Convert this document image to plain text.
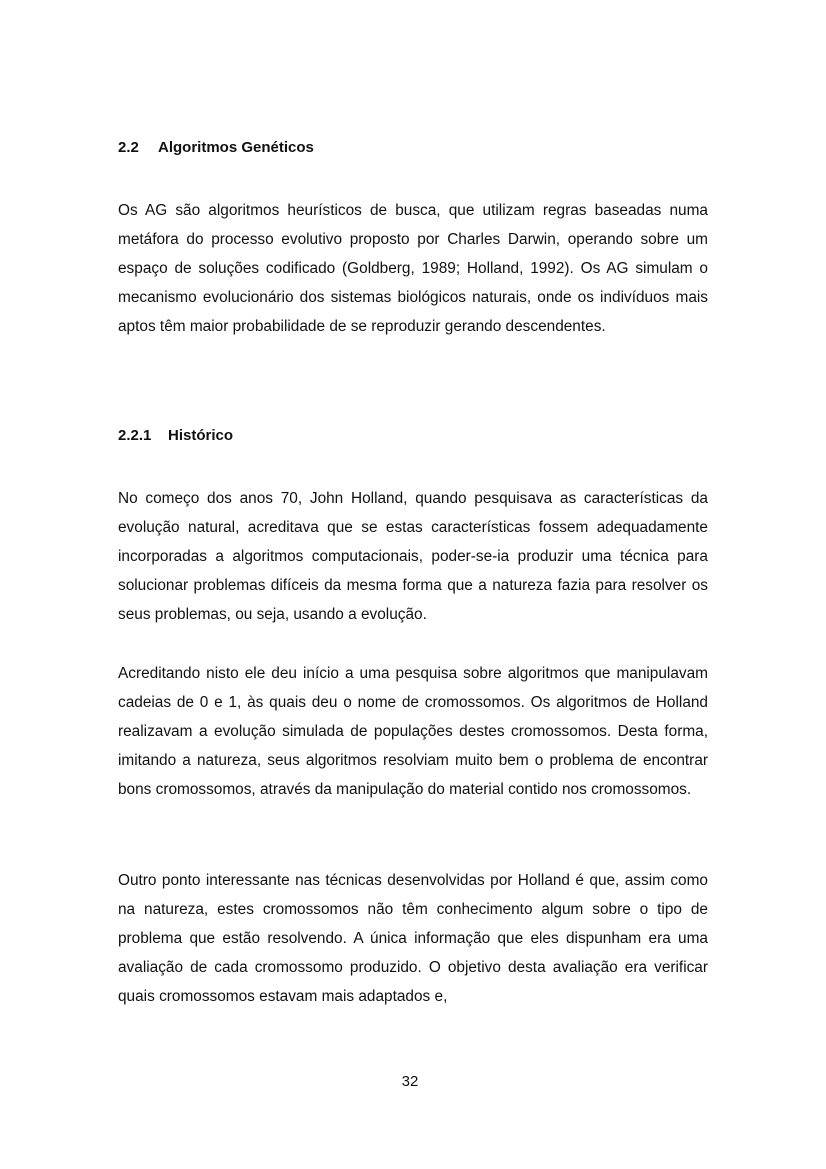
2.2 Algoritmos Genéticos

Os AG são algoritmos heurísticos de busca, que utilizam regras baseadas numa metáfora do processo evolutivo proposto por Charles Darwin, operando sobre um espaço de soluções codificado (Goldberg, 1989; Holland, 1992). Os AG simulam o mecanismo evolucionário dos sistemas biológicos naturais, onde os indivíduos mais aptos têm maior probabilidade de se reproduzir gerando descendentes.

2.2.1 Histórico

No começo dos anos 70, John Holland, quando pesquisava as características da evolução natural, acreditava que se estas características fossem adequadamente incorporadas a algoritmos computacionais, poder-se-ia produzir uma técnica para solucionar problemas difíceis da mesma forma que a natureza fazia para resolver os seus problemas, ou seja, usando a evolução.

Acreditando nisto ele deu início a uma pesquisa sobre algoritmos que manipulavam cadeias de 0 e 1, às quais deu o nome de cromossomos. Os algoritmos de Holland realizavam a evolução simulada de populações destes cromossomos. Desta forma, imitando a natureza, seus algoritmos resolviam muito bem o problema de encontrar bons cromossomos, através da manipulação do material contido nos cromossomos.

Outro ponto interessante nas técnicas desenvolvidas por Holland é que, assim como na natureza, estes cromossomos não têm conhecimento algum sobre o tipo de problema que estão resolvendo. A única informação que eles dispunham era uma avaliação de cada cromossomo produzido. O objetivo desta avaliação era verificar quais cromossomos estavam mais adaptados e,

32
